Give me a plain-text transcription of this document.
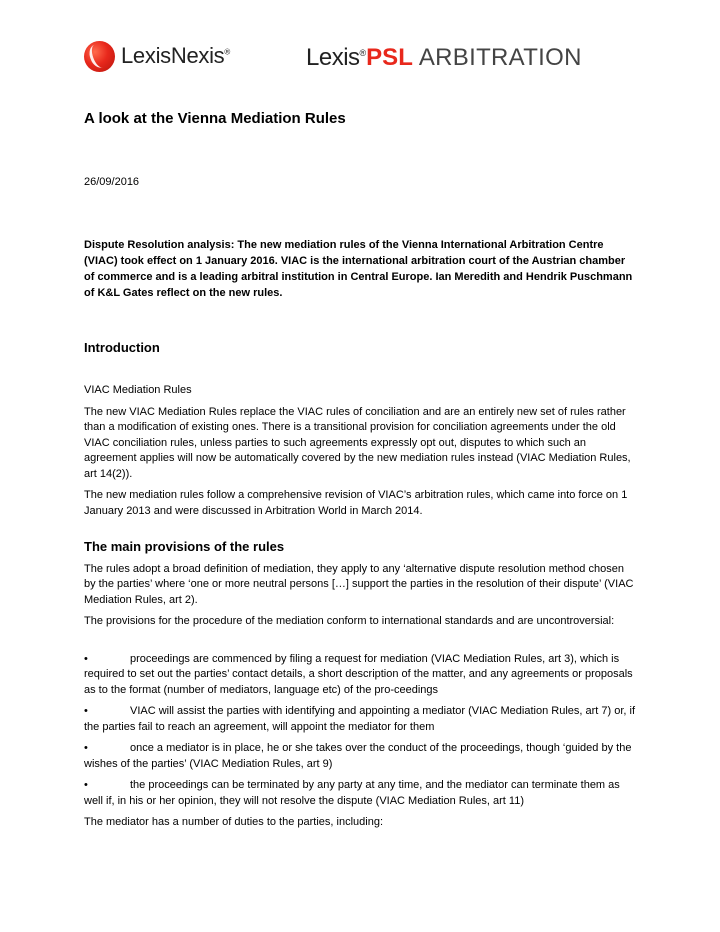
LexisNexis®	Lexis®PSL ARBITRATION
A look at the Vienna Mediation Rules
26/09/2016

Dispute Resolution analysis: The new mediation rules of the Vienna International Arbitration Centre (VIAC) took effect on 1 January 2016. VIAC is the international arbitration court of the Austrian chamber of commerce and is a leading arbitral institution in Central Europe. Ian Meredith and Hendrik Puschmann of K&L Gates reflect on the new rules.

Introduction

VIAC Mediation Rules

The new VIAC Mediation Rules replace the VIAC rules of conciliation and are an entirely new set of rules rather than a modification of existing ones. There is a transitional provision for conciliation agreements under the old VIAC conciliation rules, unless parties to such agreements expressly opt out, disputes to which such an agreement applies will now be automatically covered by the new mediation rules instead (VIAC Mediation Rules, art 14(2)).

The new mediation rules follow a comprehensive revision of VIAC’s arbitration rules, which came into force on 1 January 2013 and were discussed in Arbitration World in March 2014.

The main provisions of the rules

The rules adopt a broad definition of mediation, they apply to any ‘alternative dispute resolution method chosen by the parties’ where ‘one or more neutral persons […] support the parties in the resolution of their dispute’ (VIAC Mediation Rules, art 2).

The provisions for the procedure of the mediation conform to international standards and are uncontroversial:

•	proceedings are commenced by filing a request for mediation (VIAC Mediation Rules, art 3), which is required to set out the parties’ contact details, a short description of the matter, and any agreements or proposals as to the format (number of mediators, language etc) of the pro-ceedings

•	VIAC will assist the parties with identifying and appointing a mediator (VIAC Mediation Rules, art 7) or, if the parties fail to reach an agreement, will appoint the mediator for them

•	once a mediator is in place, he or she takes over the conduct of the proceedings, though ‘guided by the wishes of the parties’ (VIAC Mediation Rules, art 9)

•	the proceedings can be terminated by any party at any time, and the mediator can terminate them as well if, in his or her opinion, they will not resolve the dispute (VIAC Mediation Rules, art 11)

The mediator has a number of duties to the parties, including:
